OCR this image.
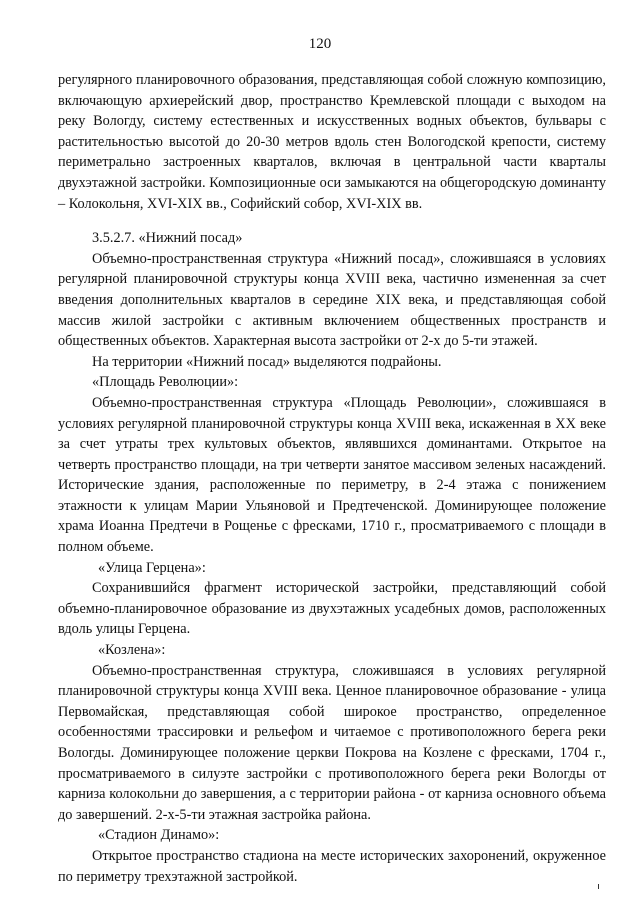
120

регулярного планировочного образования, представляющая собой сложную композицию, включающую архиерейский двор, пространство Кремлевской площади с выходом на реку Вологду, систему естественных и искусственных водных объектов, бульвары с растительностью высотой до 20-30 метров вдоль стен Вологодской крепости, систему периметрально застроенных кварталов, включая в центральной части кварталы двухэтажной застройки. Композиционные оси замыкаются на общегородскую доминанту – Колокольня, XVI-XIX вв., Софийский собор, XVI-XIX вв.

3.5.2.7. «Нижний посад»

Объемно-пространственная структура «Нижний посад», сложившаяся в условиях регулярной планировочной структуры конца XVIII века, частично измененная за счет введения дополнительных кварталов в середине XIX века, и представляющая собой массив жилой застройки с активным включением общественных пространств и общественных объектов. Характерная высота застройки от 2-х до 5-ти этажей.

На территории «Нижний посад» выделяются подрайоны.

«Площадь Революции»:

Объемно-пространственная структура «Площадь Революции», сложившаяся в условиях регулярной планировочной структуры конца XVIII века, искаженная в XX веке за счет утраты трех культовых объектов, являвшихся доминантами. Открытое на четверть пространство площади, на три четверти занятое массивом зеленых насаждений. Исторические здания, расположенные по периметру, в 2-4 этажа с понижением этажности к улицам Марии Ульяновой и Предтеченской. Доминирующее положение храма Иоанна Предтечи в Рощенье с фресками, 1710 г., просматриваемого с площади в полном объеме.

«Улица Герцена»:

Сохранившийся фрагмент исторической застройки, представляющий собой объемно-планировочное образование из двухэтажных усадебных домов, расположенных вдоль улицы Герцена.

«Козлена»:

Объемно-пространственная структура, сложившаяся в условиях регулярной планировочной структуры конца XVIII века. Ценное планировочное образование - улица Первомайская, представляющая собой широкое пространство, определенное особенностями трассировки и рельефом и читаемое с противоположного берега реки Вологды. Доминирующее положение церкви Покрова на Козлене с фресками, 1704 г., просматриваемого в силуэте застройки с противоположного берега реки Вологды от карниза колокольни до завершения, а с территории района - от карниза основного объема до завершений. 2-х-5-ти этажная застройка района.

«Стадион Динамо»:

Открытое пространство стадиона на месте исторических захоронений, окруженное по периметру трехэтажной застройкой.
